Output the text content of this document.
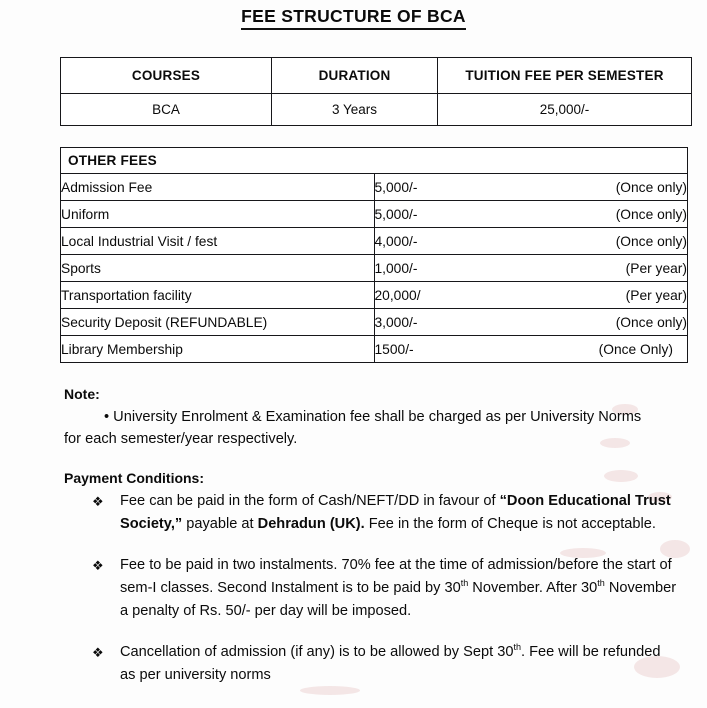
FEE STRUCTURE OF BCA
COURSES	DURATION	TUITION FEE PER SEMESTER
BCA	3 Years	25,000/-
OTHER FEES	
Admission Fee	5,000/- (Once only)

Uniform	5,000/- (Once only)

Local Industrial Visit / fest	4,000/- (Once only)

Sports	1,000/- (Per year)

Transportation facility	20,000/ (Per year)

Security Deposit (REFUNDABLE)	3,000/- (Once only)

Library Membership	1500/- (Once Only)
Note:
• University Enrolment & Examination fee shall be charged as per University Norms for each semester/year respectively.
Payment Conditions:
❖ Fee can be paid in the form of Cash/NEFT/DD in favour of “Doon Educational Trust Society,” payable at Dehradun (UK). Fee in the form of Cheque is not acceptable.
❖ Fee to be paid in two instalments. 70% fee at the time of admission/before the start of sem-I classes. Second Instalment is to be paid by 30th November. After 30th November a penalty of Rs. 50/- per day will be imposed.
❖ Cancellation of admission (if any) is to be allowed by Sept 30th. Fee will be refunded as per university norms
